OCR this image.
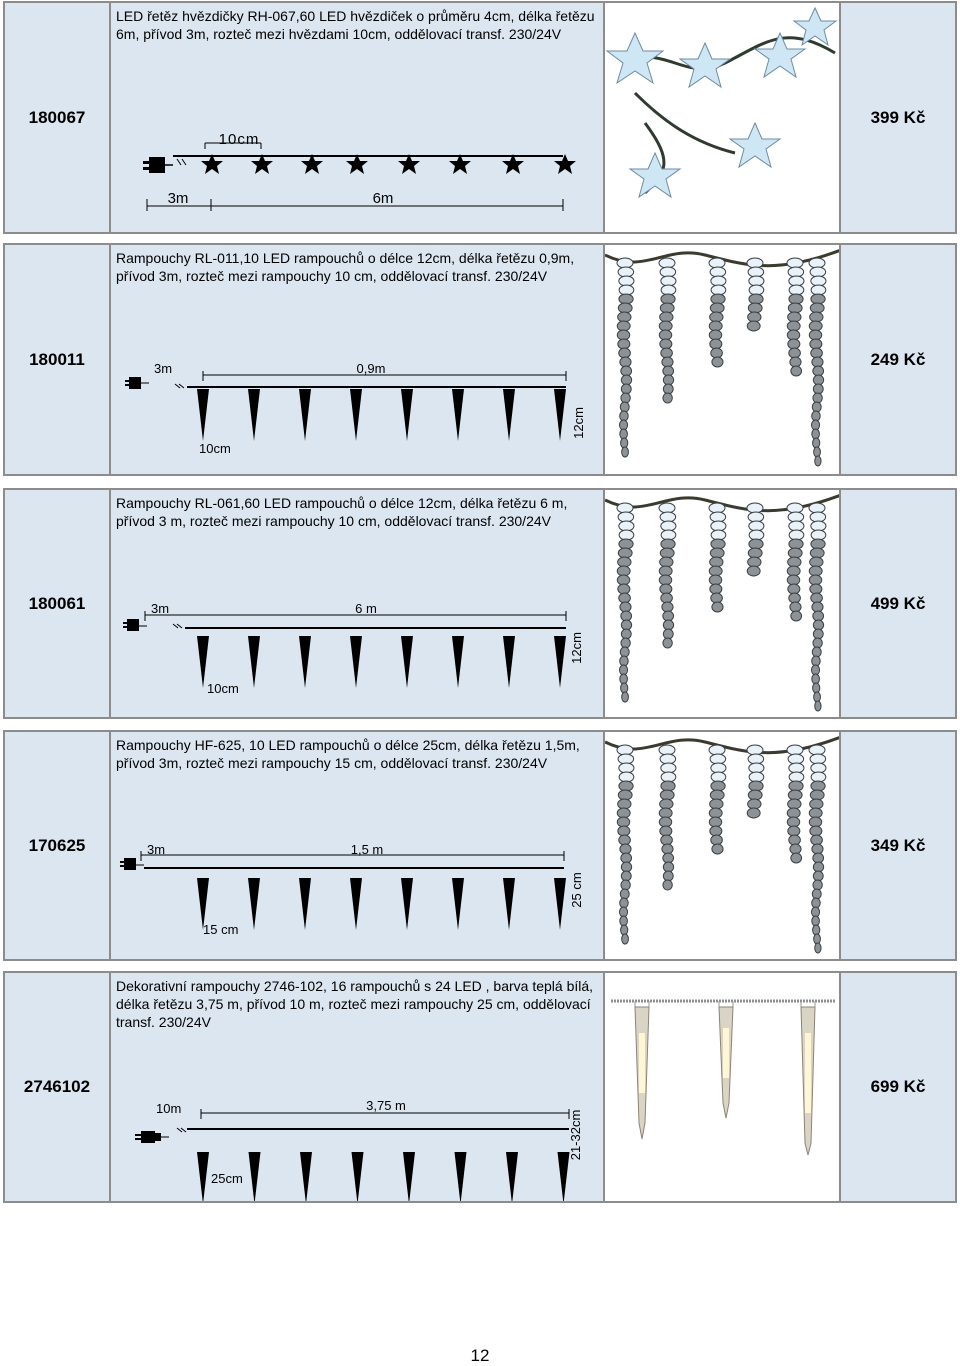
180067

LED řetěz hvězdičky RH-067,60 LED hvězdiček o průměru 4cm, délka řetězu 6m, přívod 3m, rozteč mezi hvězdami 10cm, oddělovací transf. 230/24V

10cm
3m	6m
399 Kč
180011

Rampouchy RL-011,10 LED rampouchů o délce 12cm, délka řetězu 0,9m, přívod 3m, rozteč mezi rampouchy 10 cm, oddělovací transf. 230/24V

3m	0,9m
12cm
10cm
249 Kč
180061

Rampouchy RL-061,60 LED rampouchů o délce 12cm, délka řetězu 6 m, přívod 3 m, rozteč mezi rampouchy 10 cm, oddělovací transf. 230/24V

3m	6 m
12cm
10cm
499 Kč
170625

Rampouchy HF-625, 10 LED rampouchů o délce 25cm, délka řetězu 1,5m, přívod 3m, rozteč mezi rampouchy 15 cm, oddělovací transf. 230/24V

3m	1,5 m
25 cm
15 cm
349 Kč
2746102

Dekorativní rampouchy 2746-102, 16 rampouchů s 24 LED , barva teplá bílá, délka řetězu 3,75 m, přívod 10 m, rozteč mezi rampouchy 25 cm, oddělovací transf. 230/24V

10m	3,75 m
21-32cm
25cm
699 Kč
12
